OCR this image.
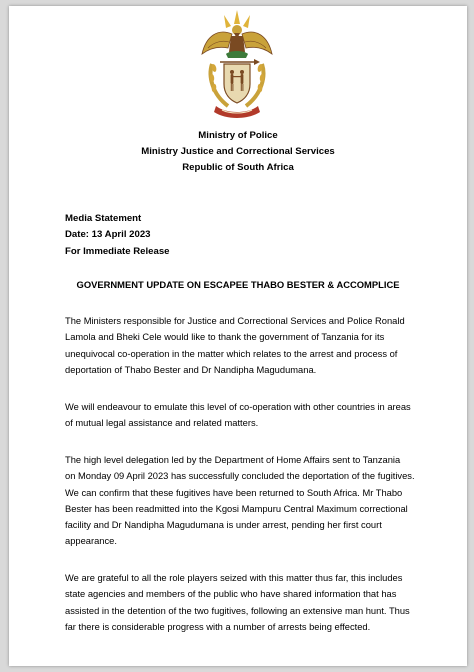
Ministry of Police
Ministry Justice and Correctional Services
Republic of South Africa
Media Statement
Date: 13 April 2023
For Immediate Release
GOVERNMENT UPDATE ON ESCAPEE THABO BESTER & ACCOMPLICE
The Ministers responsible for Justice and Correctional Services and Police Ronald
Lamola and Bheki Cele would like to thank the government of Tanzania for its
unequivocal co-operation in the matter which relates to the arrest and process of
deportation of Thabo Bester and Dr Nandipha Magudumana.
We will endeavour to emulate this level of co-operation with other countries in areas
of mutual legal assistance and related matters.
The high level delegation led by the Department of Home Affairs sent to Tanzania
on Monday 09 April 2023 has successfully concluded the deportation of the fugitives.
We can confirm that these fugitives have been returned to South Africa. Mr Thabo
Bester has been readmitted into the Kgosi Mampuru Central Maximum correctional
facility and Dr Nandipha Magudumana is under arrest, pending her first court
appearance.
We are grateful to all the role players seized with this matter thus far, this includes
state agencies and members of the public who have shared information that has
assisted in the detention of the two fugitives, following an extensive man hunt. Thus
far there is considerable progress with a number of arrests being effected.
